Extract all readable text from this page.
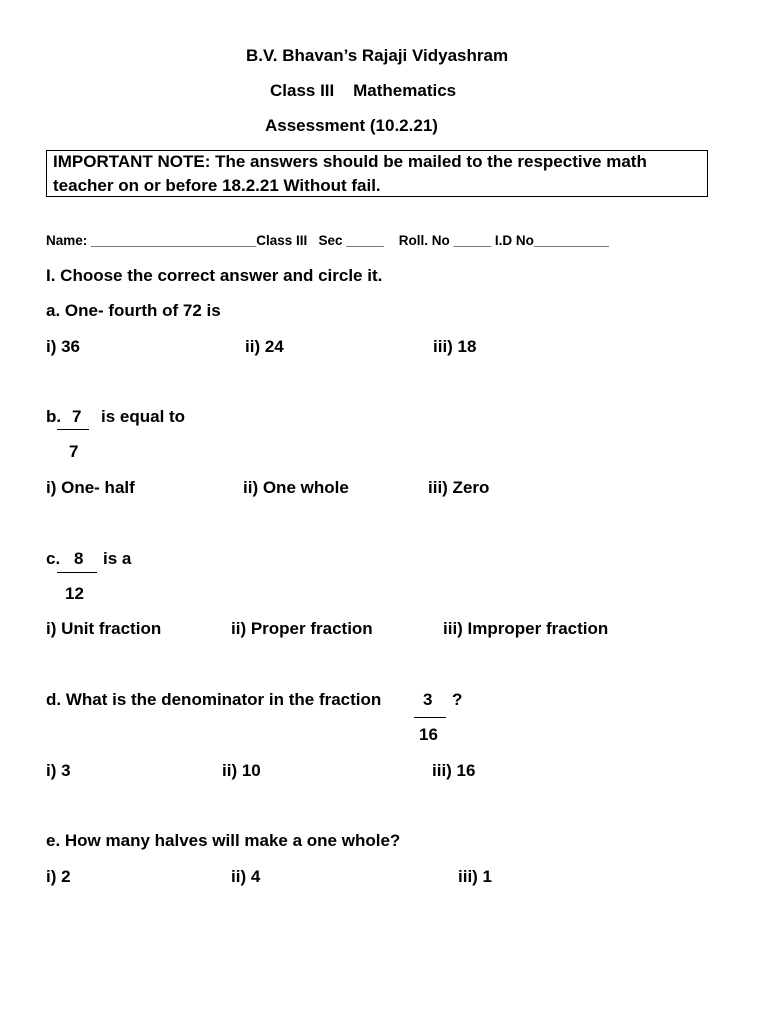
B.V. Bhavan’s Rajaji Vidyashram
Class III    Mathematics
Assessment (10.2.21)
IMPORTANT NOTE: The answers should be mailed to the respective math
teacher on or before 18.2.21 Without fail.
Name: ______________________Class III   Sec _____    Roll. No _____ I.D No__________
I. Choose the correct answer and circle it.
a. One- fourth of 72 is
i) 36	ii) 24	iii) 18
b. 7 is equal to
7
i) One- half	ii) One whole	iii) Zero
c. 8 is a
12
i) Unit fraction	ii) Proper fraction	iii) Improper fraction
d. What is the denominator in the fraction 3 ?
16
i) 3	ii) 10	iii) 16
e. How many halves will make a one whole?
i) 2	ii) 4	iii) 1
